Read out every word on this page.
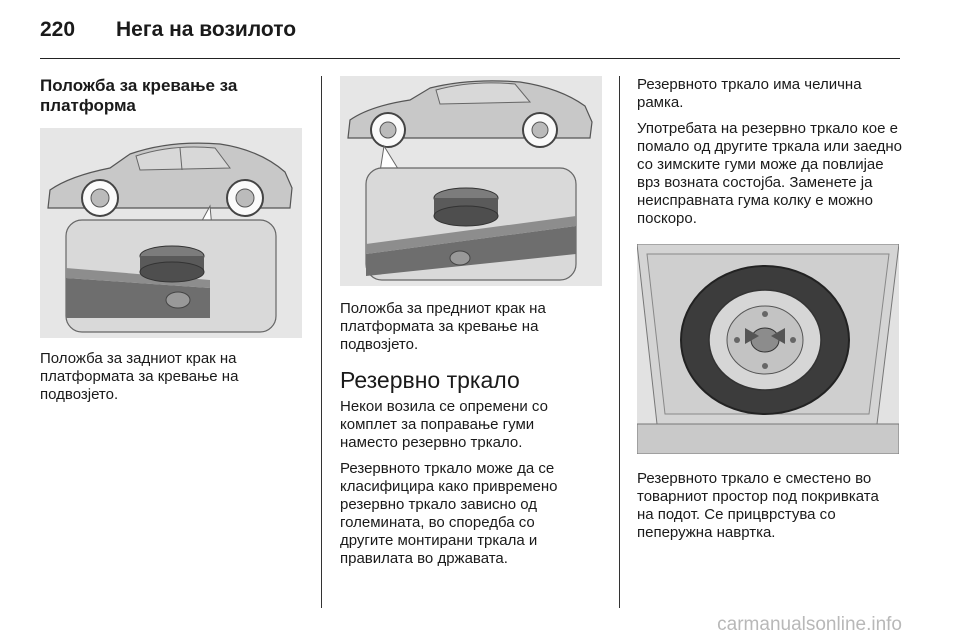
220 Нега на возилото
Положба за кревање за платформа

Положба за задниот крак на платформата за кревање на подвозјето.

Положба за предниот крак на платформата за кревање на подвозјето.

Резервно тркало

Некои возила се опремени со комплет за поправање гуми наместо резервно тркало.

Резервното тркало може да се класифицира како привремено резервно тркало зависно од големината, во споредба со другите монтирани тркала и правилата во државата.

Резервното тркало има челична рамка.

Употребата на резервно тркало кое е помало од другите тркала или заедно со зимските гуми може да повлијае врз возната состојба. Заменете ја неисправната гума колку е можно поскоро.

Резервното тркало е сместено во товарниот простор под покривката на подот. Се прицврстува со пеперужна навртка.

carmanualsonline.info
